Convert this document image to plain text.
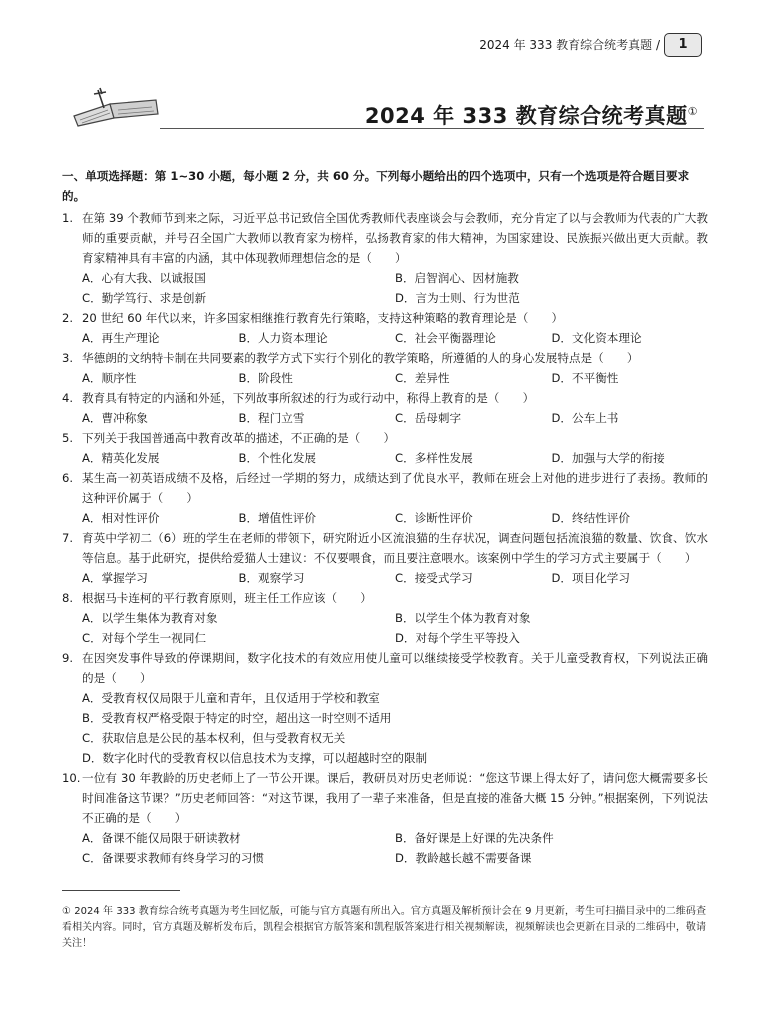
2024 年 333 教育综合统考真题 /	1
2024 年 333 教育综合统考真题①
一、单项选择题：第 1~30 小题，每小题 2 分，共 60 分。下列每小题给出的四个选项中，只有一个选项是符合题目要求的。
1. 在第 39 个教师节到来之际，习近平总书记致信全国优秀教师代表座谈会与会教师，充分肯定了以与会教师为代表的广大教师的重要贡献，并号召全国广大教师以教育家为榜样，弘扬教育家的伟大精神，为国家建设、民族振兴做出更大贡献。教育家精神具有丰富的内涵，其中体现教师理想信念的是（　　）
A．心有大我、以诚报国	B．启智润心、因材施教
C．勤学笃行、求是创新	D．言为士则、行为世范
2. 20 世纪 60 年代以来，许多国家相继推行教育先行策略，支持这种策略的教育理论是（　　）
A．再生产理论	B．人力资本理论	C．社会平衡器理论	D．文化资本理论
3. 华德朗的文纳特卡制在共同要素的教学方式下实行个别化的教学策略，所遵循的人的身心发展特点是（　　）
A．顺序性	B．阶段性	C．差异性	D．不平衡性
4. 教育具有特定的内涵和外延，下列故事所叙述的行为或行动中，称得上教育的是（　　）
A．曹冲称象	B．程门立雪	C．岳母刺字	D．公车上书
5. 下列关于我国普通高中教育改革的描述，不正确的是（　　）
A．精英化发展	B．个性化发展	C．多样性发展	D．加强与大学的衔接
6. 某生高一初英语成绩不及格，后经过一学期的努力，成绩达到了优良水平，教师在班会上对他的进步进行了表扬。教师的这种评价属于（　　）
A．相对性评价	B．增值性评价	C．诊断性评价	D．终结性评价
7. 育英中学初二（6）班的学生在老师的带领下，研究附近小区流浪猫的生存状况，调查问题包括流浪猫的数量、饮食、饮水等信息。基于此研究，提供给爱猫人士建议：不仅要喂食，而且要注意喂水。该案例中学生的学习方式主要属于（　　）
A．掌握学习	B．观察学习	C．接受式学习	D．项目化学习
8. 根据马卡连柯的平行教育原则，班主任工作应该（　　）
A．以学生集体为教育对象	B．以学生个体为教育对象
C．对每个学生一视同仁	D．对每个学生平等投入
9. 在因突发事件导致的停课期间，数字化技术的有效应用使儿童可以继续接受学校教育。关于儿童受教育权，下列说法正确的是（　　）
A．受教育权仅局限于儿童和青年，且仅适用于学校和教室
B．受教育权严格受限于特定的时空，超出这一时空则不适用
C．获取信息是公民的基本权利，但与受教育权无关
D．数字化时代的受教育权以信息技术为支撑，可以超越时空的限制
10. 一位有 30 年教龄的历史老师上了一节公开课。课后，教研员对历史老师说：“您这节课上得太好了，请问您大概需要多长时间准备这节课？”历史老师回答：“对这节课，我用了一辈子来准备，但是直接的准备大概 15 分钟。”根据案例，下列说法不正确的是（　　）
A．备课不能仅局限于研读教材	B．备好课是上好课的先决条件
C．备课要求教师有终身学习的习惯	D．教龄越长越不需要备课
① 2024 年 333 教育综合统考真题为考生回忆版，可能与官方真题有所出入。官方真题及解析预计会在 9 月更新，考生可扫描目录中的二维码查看相关内容。同时，官方真题及解析发布后，凯程会根据官方版答案和凯程版答案进行相关视频解读，视频解读也会更新在目录的二维码中，敬请关注！
